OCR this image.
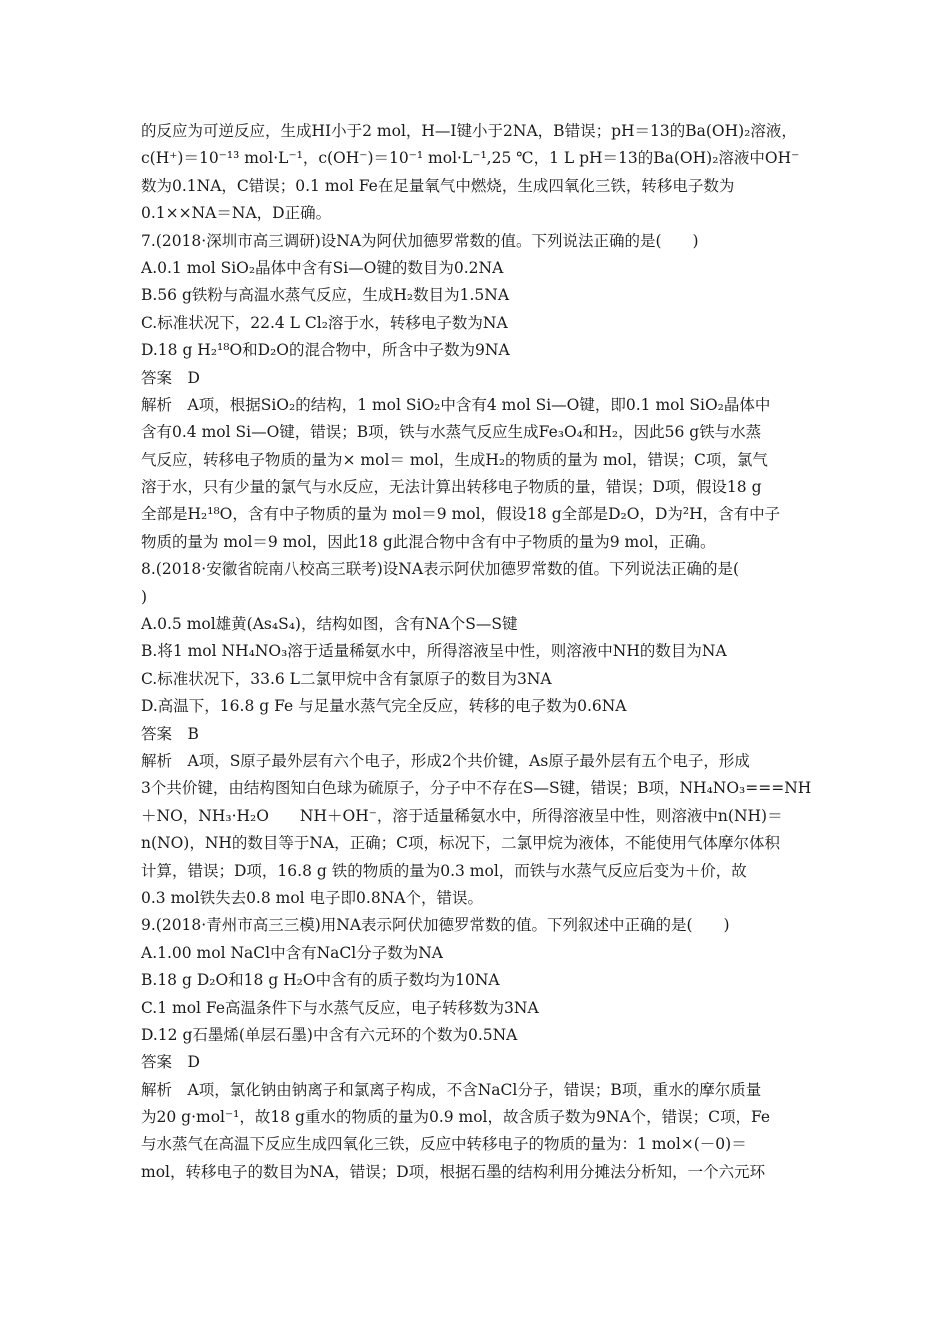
的反应为可逆反应，生成HI小于2 mol，H—I键小于2NA，B错误；pH＝13的Ba(OH)₂溶液，
c(H⁺)＝10⁻¹³ mol·L⁻¹，c(OH⁻)＝10⁻¹ mol·L⁻¹,25 ℃，1 L pH＝13的Ba(OH)₂溶液中OH⁻
数为0.1NA，C错误；0.1 mol Fe在足量氧气中燃烧，生成四氧化三铁，转移电子数为
0.1××NA＝NA，D正确。
7.(2018·深圳市高三调研)设NA为阿伏加德罗常数的值。下列说法正确的是(　　)
A.0.1 mol SiO₂晶体中含有Si—O键的数目为0.2NA
B.56 g铁粉与高温水蒸气反应，生成H₂数目为1.5NA
C.标准状况下，22.4 L Cl₂溶于水，转移电子数为NA
D.18 g H₂¹⁸O和D₂O的混合物中，所含中子数为9NA
答案　D
解析　A项，根据SiO₂的结构，1 mol SiO₂中含有4 mol Si—O键，即0.1 mol SiO₂晶体中
含有0.4 mol Si—O键，错误；B项，铁与水蒸气反应生成Fe₃O₄和H₂，因此56 g铁与水蒸
气反应，转移电子物质的量为× mol＝ mol，生成H₂的物质的量为 mol，错误；C项，氯气
溶于水，只有少量的氯气与水反应，无法计算出转移电子物质的量，错误；D项，假设18 g
全部是H₂¹⁸O，含有中子物质的量为 mol＝9 mol，假设18 g全部是D₂O，D为²H，含有中子
物质的量为 mol＝9 mol，因此18 g此混合物中含有中子物质的量为9 mol，正确。
8.(2018·安徽省皖南八校高三联考)设NA表示阿伏加德罗常数的值。下列说法正确的是(
)
A.0.5 mol雄黄(As₄S₄)，结构如图，含有NA个S—S键
B.将1 mol NH₄NO₃溶于适量稀氨水中，所得溶液呈中性，则溶液中NH的数目为NA
C.标准状况下，33.6 L二氯甲烷中含有氯原子的数目为3NA
D.高温下，16.8 g Fe 与足量水蒸气完全反应，转移的电子数为0.6NA
答案　B
解析　A项，S原子最外层有六个电子，形成2个共价键，As原子最外层有五个电子，形成
3个共价键，由结构图知白色球为硫原子，分子中不存在S—S键，错误；B项，NH₄NO₃===NH
＋NO，NH₃·H₂O　　NH＋OH⁻，溶于适量稀氨水中，所得溶液呈中性，则溶液中n(NH)＝
n(NO)，NH的数目等于NA，正确；C项，标况下，二氯甲烷为液体，不能使用气体摩尔体积
计算，错误；D项，16.8 g 铁的物质的量为0.3 mol，而铁与水蒸气反应后变为＋价，故
0.3 mol铁失去0.8 mol 电子即0.8NA个，错误。
9.(2018·青州市高三三模)用NA表示阿伏加德罗常数的值。下列叙述中正确的是(　　)
A.1.00 mol NaCl中含有NaCl分子数为NA
B.18 g D₂O和18 g H₂O中含有的质子数均为10NA
C.1 mol Fe高温条件下与水蒸气反应，电子转移数为3NA
D.12 g石墨烯(单层石墨)中含有六元环的个数为0.5NA
答案　D
解析　A项，氯化钠由钠离子和氯离子构成，不含NaCl分子，错误；B项，重水的摩尔质量
为20 g·mol⁻¹，故18 g重水的物质的量为0.9 mol，故含质子数为9NA个，错误；C项，Fe
与水蒸气在高温下反应生成四氧化三铁，反应中转移电子的物质的量为：1 mol×(－0)＝
mol，转移电子的数目为NA，错误；D项，根据石墨的结构利用分摊法分析知，一个六元环
